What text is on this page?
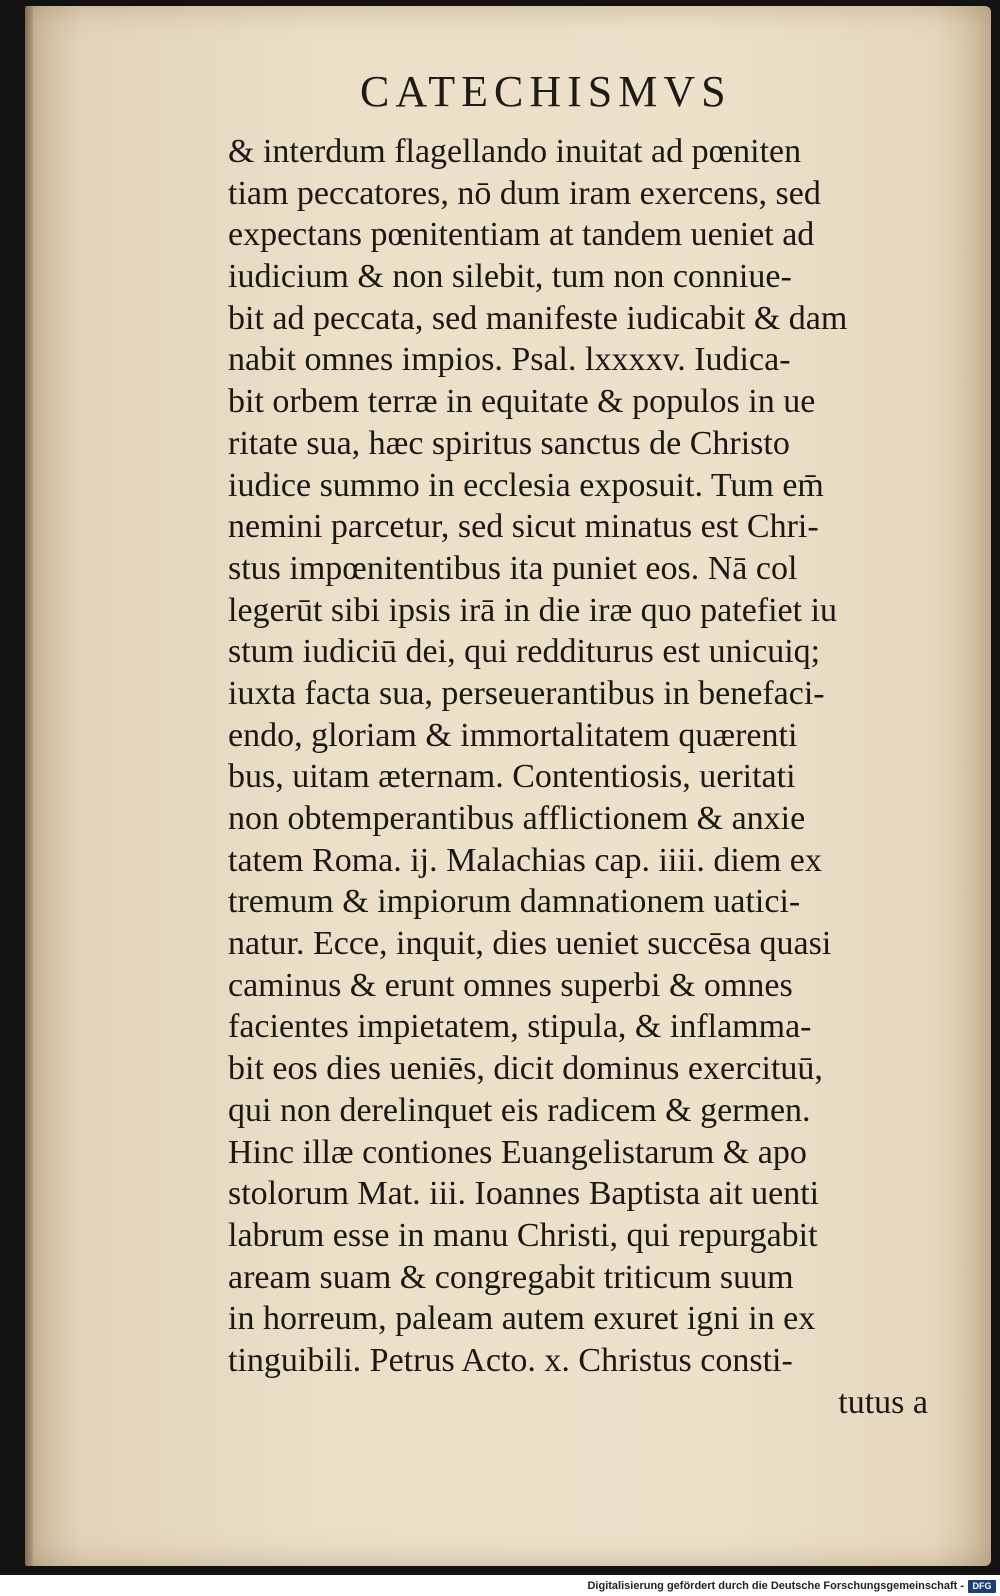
CATECHISMVS
& interdum flagellando inuitat ad pœniten
tiam peccatores, nō dum iram exercens, sed
expectans pœnitentiam at tandem ueniet ad
iudicium & non silebit, tum non conniue-
bit ad peccata, sed manifeste iudicabit & dam
nabit omnes impios. Psal. lxxxxv. Iudica-
bit orbem terræ in equitate & populos in ue
ritate sua, hæc spiritus sanctus de Christo
iudice summo in ecclesia exposuit. Tum em̄
nemini parcetur, sed sicut minatus est Chri-
stus impœnitentibus ita puniet eos. Nā col
legerūt sibi ipsis irā in die iræ quo patefiet iu
stum iudiciū dei, qui redditurus est unicuiq;
iuxta facta sua, perseuerantibus in benefaci-
endo, gloriam & immortalitatem quærenti
bus, uitam æternam. Contentiosis, ueritati
non obtemperantibus afflictionem & anxie
tatem Roma. ij. Malachias cap. iiii. diem ex
tremum & impiorum damnationem uatici-
natur. Ecce, inquit, dies ueniet succēsa quasi
caminus & erunt omnes superbi & omnes
facientes impietatem, stipula, & inflamma-
bit eos dies ueniēs, dicit dominus exercituū,
qui non derelinquet eis radicem & germen.
Hinc illæ contiones Euangelistarum & apo
stolorum Mat. iii. Ioannes Baptista ait uenti
labrum esse in manu Christi, qui repurgabit
aream suam & congregabit triticum suum
in horreum, paleam autem exuret igni in ex
tinguibili. Petrus Acto. x. Christus consti-
tutus a
Digitalisierung gefördert durch die Deutsche Forschungsgemeinschaft - DFG
